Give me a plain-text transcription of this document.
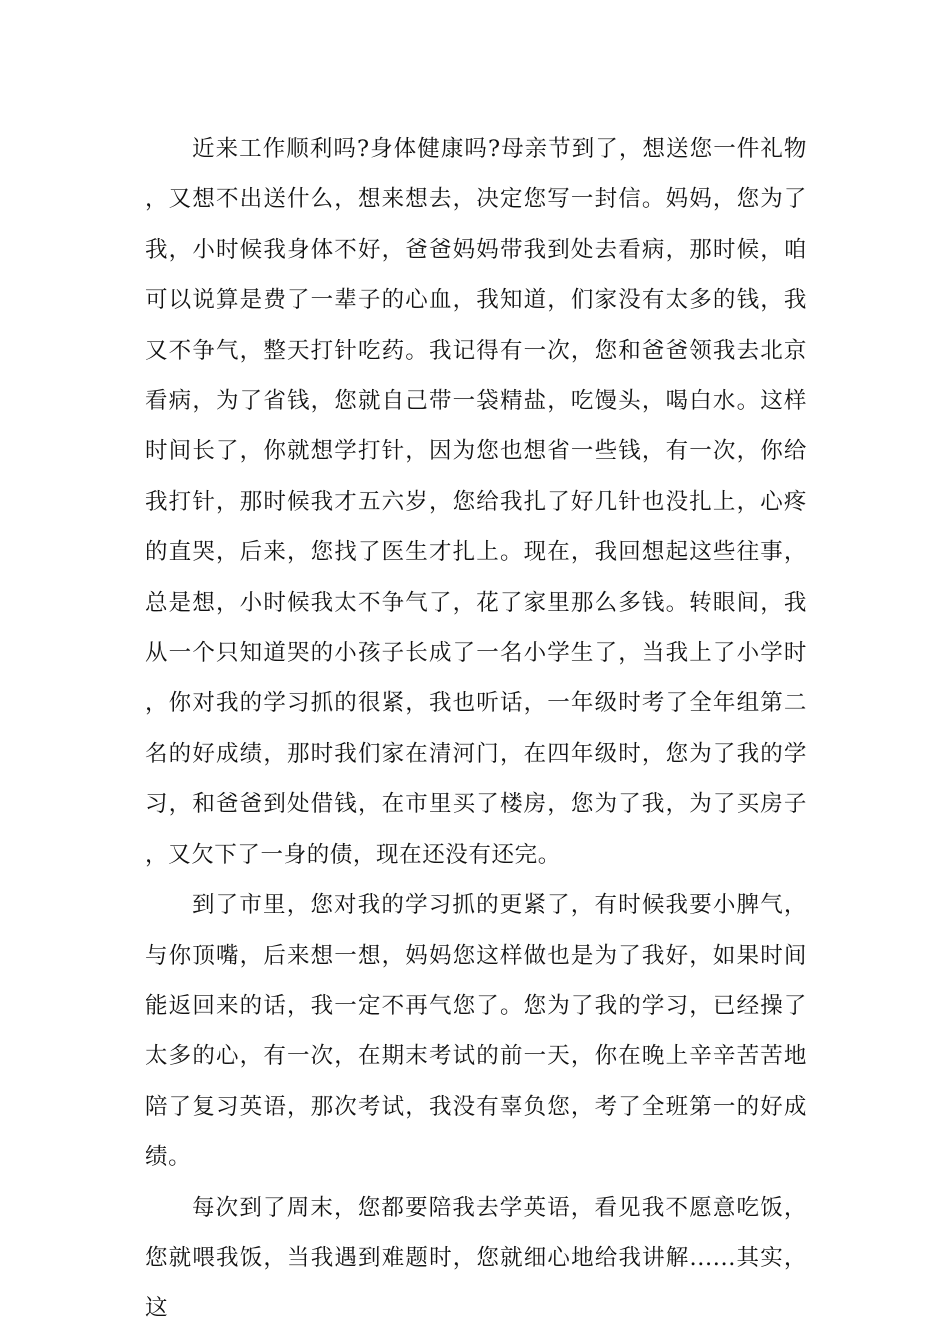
近来工作顺利吗?身体健康吗?母亲节到了，想送您一件礼物，又想不出送什么，想来想去，决定您写一封信。妈妈，您为了我，小时候我身体不好，爸爸妈妈带我到处去看病，那时候，咱可以说算是费了一辈子的心血，我知道，们家没有太多的钱，我又不争气，整天打针吃药。我记得有一次，您和爸爸领我去北京看病，为了省钱，您就自己带一袋精盐，吃馒头，喝白水。这样时间长了，你就想学打针，因为您也想省一些钱，有一次，你给我打针，那时候我才五六岁，您给我扎了好几针也没扎上，心疼的直哭，后来，您找了医生才扎上。现在，我回想起这些往事，总是想，小时候我太不争气了，花了家里那么多钱。转眼间，我从一个只知道哭的小孩子长成了一名小学生了，当我上了小学时，你对我的学习抓的很紧，我也听话，一年级时考了全年组第二名的好成绩，那时我们家在清河门，在四年级时，您为了我的学习，和爸爸到处借钱，在市里买了楼房，您为了我，为了买房子，又欠下了一身的债，现在还没有还完。

到了市里，您对我的学习抓的更紧了，有时候我要小脾气，与你顶嘴，后来想一想，妈妈您这样做也是为了我好，如果时间能返回来的话，我一定不再气您了。您为了我的学习，已经操了太多的心，有一次，在期末考试的前一天，你在晚上辛辛苦苦地陪了复习英语，那次考试，我没有辜负您，考了全班第一的好成绩。

每次到了周末，您都要陪我去学英语，看见我不愿意吃饭，您就喂我饭，当我遇到难题时，您就细心地给我讲解......其实，这
